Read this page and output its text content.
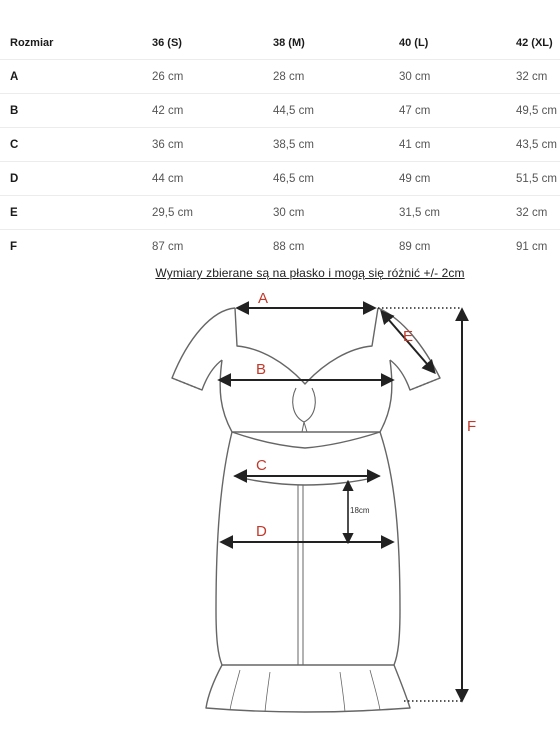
Rozmiar	36 (S)	38 (M)	40 (L)	42 (XL)
A	26 cm	28 cm	30 cm	32 cm
B	42 cm	44,5 cm	47 cm	49,5 cm
C	36 cm	38,5 cm	41 cm	43,5 cm
D	44 cm	46,5 cm	49 cm	51,5 cm
E	29,5 cm	30 cm	31,5 cm	32 cm
F	87 cm	88 cm	89 cm	91 cm
Wymiary zbierane są na płasko i mogą się różnić +/- 2cm
A
B
C
D
E
F
18cm
